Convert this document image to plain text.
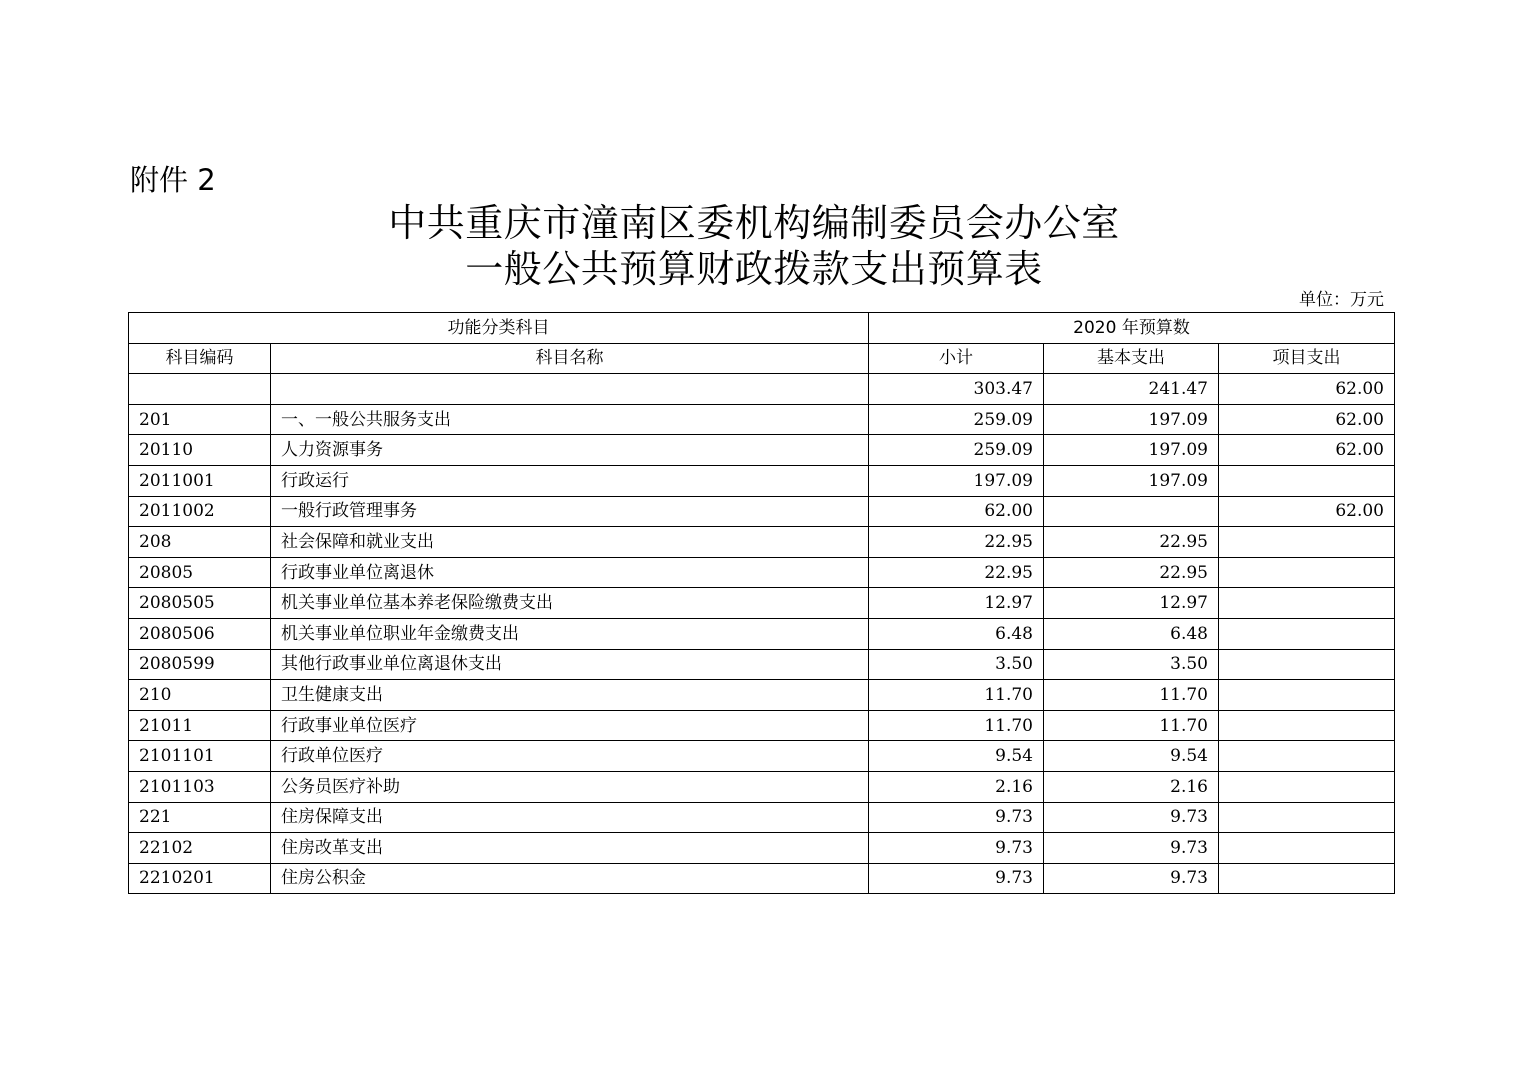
附件 2
中共重庆市潼南区委机构编制委员会办公室
一般公共预算财政拨款支出预算表
单位：万元
功能分类科目		2020 年预算数		
科目编码	科目名称	小计	基本支出	项目支出
		303.47	241.47	62.00
201	一、一般公共服务支出	259.09	197.09	62.00
20110	人力资源事务	259.09	197.09	62.00
2011001	行政运行	197.09	197.09	
2011002	一般行政管理事务	62.00		62.00
208	社会保障和就业支出	22.95	22.95	
20805	行政事业单位离退休	22.95	22.95	
2080505	机关事业单位基本养老保险缴费支出	12.97	12.97	
2080506	机关事业单位职业年金缴费支出	6.48	6.48	
2080599	其他行政事业单位离退休支出	3.50	3.50	
210	卫生健康支出	11.70	11.70	
21011	行政事业单位医疗	11.70	11.70	
2101101	行政单位医疗	9.54	9.54	
2101103	公务员医疗补助	2.16	2.16	
221	住房保障支出	9.73	9.73	
22102	住房改革支出	9.73	9.73	
2210201	住房公积金	9.73	9.73	
